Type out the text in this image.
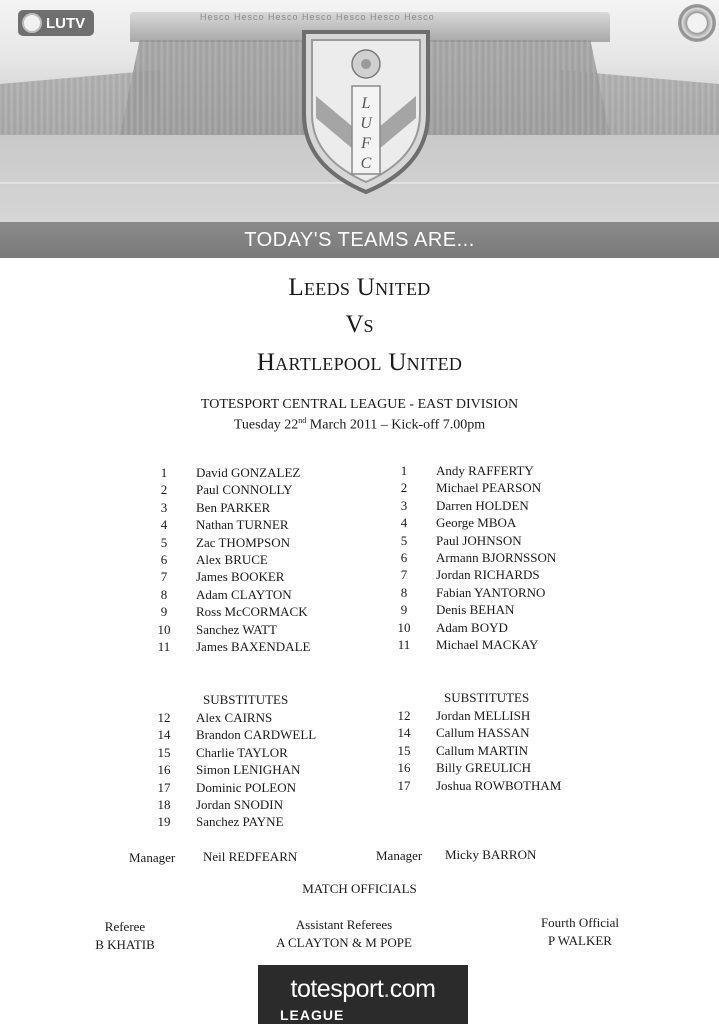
Hesco Hesco Hesco Hesco Hesco Hesco Hesco
TODAY'S TEAMS ARE...
LUTV
L
U
F
C
Leeds United
Vs
Hartlepool United
TOTESPORT CENTRAL LEAGUE - EAST DIVISION
Tuesday 22nd March 2011 – Kick-off 7.00pm
1	David GONZALEZ
2	Paul CONNOLLY
3	Ben PARKER
4	Nathan TURNER
5	Zac THOMPSON
6	Alex BRUCE
7	James BOOKER
8	Adam CLAYTON
9	Ross McCORMACK
10	Sanchez WATT
11	James BAXENDALE
1	Andy RAFFERTY
2	Michael PEARSON
3	Darren HOLDEN
4	George MBOA
5	Paul JOHNSON
6	Armann BJORNSSON
7	Jordan RICHARDS
8	Fabian YANTORNO
9	Denis BEHAN
10	Adam BOYD
11	Michael MACKAY
SUBSTITUTES	SUBSTITUTES
12	Alex CAIRNS
14	Brandon CARDWELL
15	Charlie TAYLOR
16	Simon LENIGHAN
17	Dominic POLEON
18	Jordan SNODIN
19	Sanchez PAYNE
12	Jordan MELLISH
14	Callum HASSAN
15	Callum MARTIN
16	Billy GREULICH
17	Joshua ROWBOTHAM
Manager Neil REDFEARN	Manager Micky BARRON
MATCH OFFICIALS
Referee
B KHATIB
Assistant Referees
A CLAYTON & M POPE
Fourth Official
P WALKER
totesport.com
LEAGUE
